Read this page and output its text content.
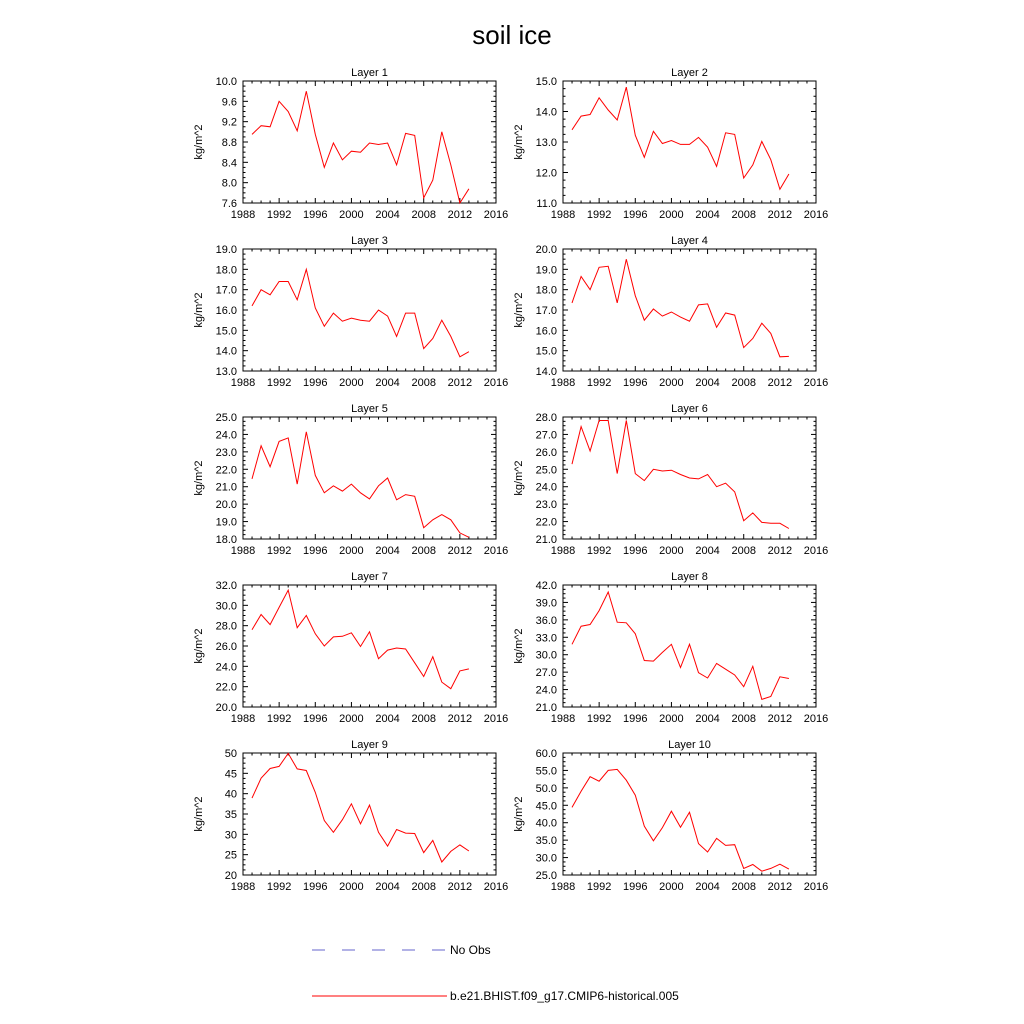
soil ice
Layer 1
1988 1992 1996 2000 2004 2008 2012 2016
7.6
8.0
8.4
8.8
9.2
9.6
10.0
kg/m^2
Layer 2
1988 1992 1996 2000 2004 2008 2012 2016
11.0
12.0
13.0
14.0
15.0
kg/m^2
Layer 3
1988 1992 1996 2000 2004 2008 2012 2016
13.0
14.0
15.0
16.0
17.0
18.0
19.0
kg/m^2
Layer 4
1988 1992 1996 2000 2004 2008 2012 2016
14.0
15.0
16.0
17.0
18.0
19.0
20.0
kg/m^2
Layer 5
1988 1992 1996 2000 2004 2008 2012 2016
18.0
19.0
20.0
21.0
22.0
23.0
24.0
25.0
kg/m^2
Layer 6
1988 1992 1996 2000 2004 2008 2012 2016
21.0
22.0
23.0
24.0
25.0
26.0
27.0
28.0
kg/m^2
Layer 7
1988 1992 1996 2000 2004 2008 2012 2016
20.0
22.0
24.0
26.0
28.0
30.0
32.0
kg/m^2
Layer 8
1988 1992 1996 2000 2004 2008 2012 2016
21.0
24.0
27.0
30.0
33.0
36.0
39.0
42.0
kg/m^2
Layer 9
1988 1992 1996 2000 2004 2008 2012 2016
20
25
30
35
40
45
50
kg/m^2
Layer 10
1988 1992 1996 2000 2004 2008 2012 2016
25.0
30.0
35.0
40.0
45.0
50.0
55.0
60.0
kg/m^2
No Obs
b.e21.BHIST.f09_g17.CMIP6-historical.005
